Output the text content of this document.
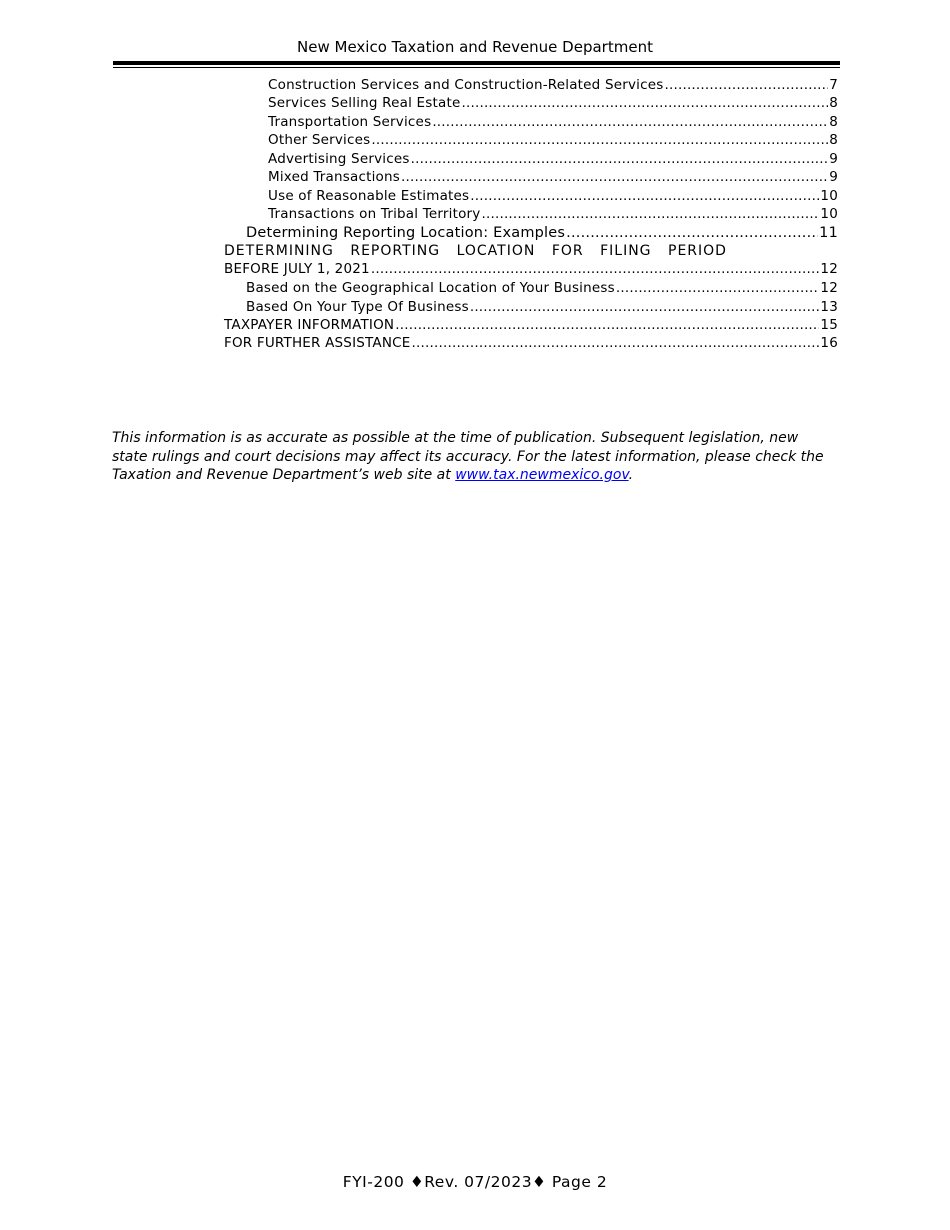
New Mexico Taxation and Revenue Department
Construction Services and Construction-Related Services .....	7
Services Selling Real Estate .....	8
Transportation Services .....	8
Other Services .....	8
Advertising Services .....	9
Mixed Transactions .....	9
Use of Reasonable Estimates .....	10
Transactions on Tribal Territory .....	10
Determining Reporting Location: Examples .....	11
DETERMINING REPORTING LOCATION FOR FILING PERIOD
BEFORE JULY 1, 2021 .....	12
Based on the Geographical Location of Your Business .....	12
Based On Your Type Of Business .....	13
TAXPAYER INFORMATION .....	15
FOR FURTHER ASSISTANCE .....	16
This information is as accurate as possible at the time of publication. Subsequent legislation, new state rulings and court decisions may affect its accuracy. For the latest information, please check the Taxation and Revenue Department’s web site at www.tax.newmexico.gov.
FYI-200 ♦Rev. 07/2023♦ Page 2
